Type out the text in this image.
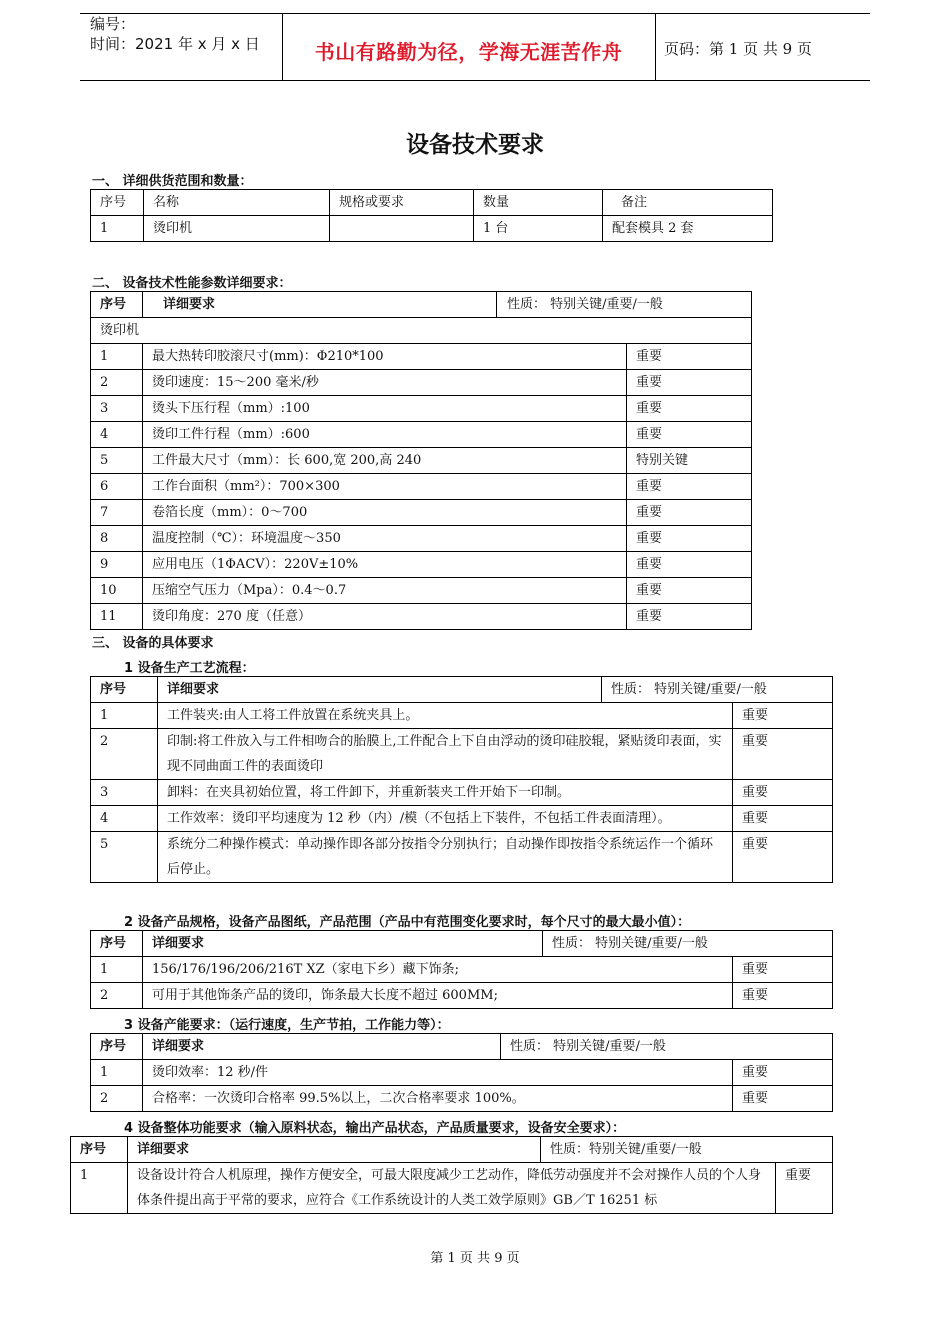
编号：
时间：2021 年 x 月 x 日	书山有路勤为径，学海无涯苦作舟	页码：第 1 页 共 9 页
设备技术要求
一、 详细供货范围和数量：
序号	名称	规格或要求	数量	备注
1	烫印机		1 台	配套模具 2 套
二、 设备技术性能参数详细要求：
序号	详细要求	性质： 特别关键/重要/一般	
烫印机			
1	最大热转印胶滚尺寸(mm)：Φ210*100		重要
2	烫印速度：15～200 毫米/秒		重要
3	烫头下压行程（mm）:100		重要
4	烫印工件行程（mm）:600		重要
5	工件最大尺寸（mm）：长 600,宽 200,高 240		特别关键
6	工作台面积（mm²）：700×300		重要
7	卷箔长度（mm）：0～700		重要
8	温度控制（℃）：环境温度～350		重要
9	应用电压（1ΦACV）：220V±10%		重要
10	压缩空气压力（Mpa）：0.4～0.7		重要
11	烫印角度：270 度（任意）		重要
三、 设备的具体要求
1 设备生产工艺流程：
序号	详细要求	性质： 特别关键/重要/一般	
1	工件装夹:由人工将工件放置在系统夹具上。		重要
2	印制:将工件放入与工件相吻合的胎膜上,工件配合上下自由浮动的烫印硅胶辊，紧贴烫印表面，实现不同曲面工件的表面烫印		重要
3	卸料：在夹具初始位置，将工件卸下，并重新装夹工件开始下一印制。		重要
4	工作效率：烫印平均速度为 12 秒（内）/模（不包括上下装件，不包括工件表面清理）。		重要
5	系统分二种操作模式：单动操作即各部分按指令分别执行；自动操作即按指令系统运作一个循环后停止。		重要
2 设备产品规格，设备产品图纸，产品范围（产品中有范围变化要求时，每个尺寸的最大最小值）：
序号	详细要求	性质： 特别关键/重要/一般	
1	156/176/196/206/216T XZ（家电下乡）藏下饰条;		重要
2	可用于其他饰条产品的烫印，饰条最大长度不超过 600MM;		重要
3 设备产能要求：（运行速度，生产节拍，工作能力等）：
序号	详细要求	性质： 特别关键/重要/一般	
1	烫印效率：12 秒/件		重要
2	合格率：一次烫印合格率 99.5%以上，二次合格率要求 100%。		重要
4 设备整体功能要求（输入原料状态，输出产品状态，产品质量要求，设备安全要求）：
序号	详细要求	性质：特别关键/重要/一般	
1	设备设计符合人机原理，操作方便安全，可最大限度减少工艺动作，降低劳动强度并不会对操作人员的个人身体条件提出高于平常的要求，应符合《工作系统设计的人类工效学原则》GB／T 16251 标		重要
第 1 页 共 9 页
